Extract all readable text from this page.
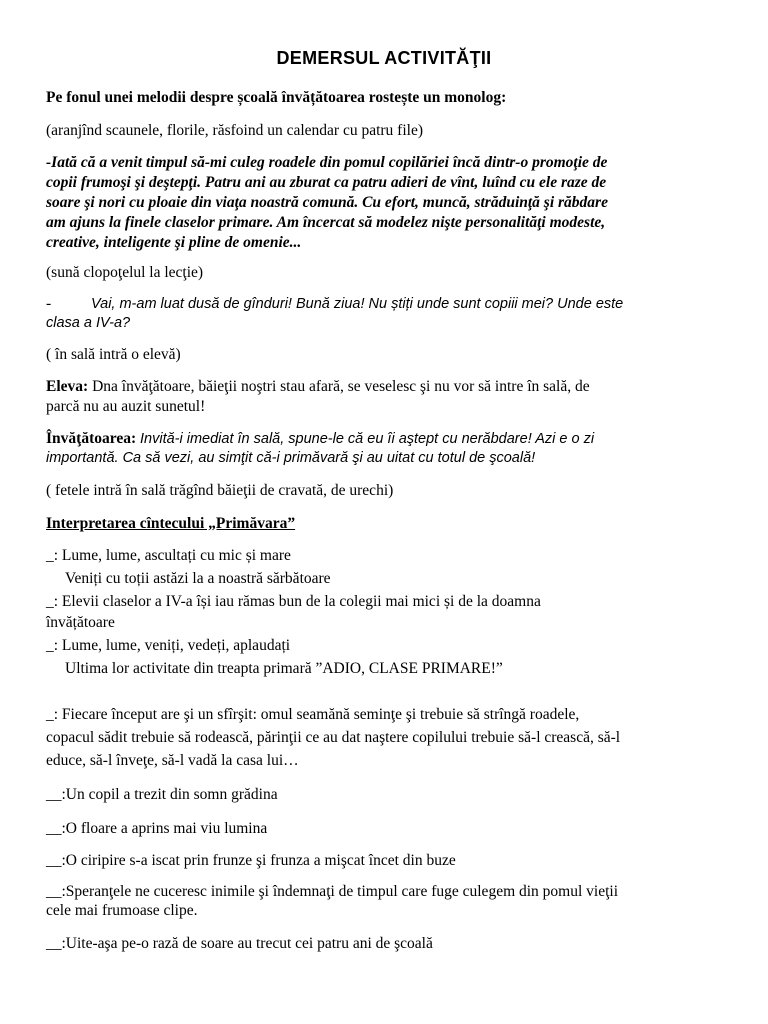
DEMERSUL ACTIVITĂŢII

Pe fonul unei melodii despre școală învățătoarea rostește un monolog:

(aranjînd scaunele, florile, răsfoind un calendar cu patru file)

-Iată că a venit timpul să-mi culeg roadele din pomul copilăriei încă dintr-o promoţie de

copii frumoşi şi deştepţi. Patru ani au zburat ca patru adieri de vînt, luînd cu ele raze de

soare şi nori cu ploaie din viaţa noastră comună. Cu efort, muncă, străduinţă şi răbdare

am ajuns la finele claselor primare. Am încercat să modelez nişte personalităţi modeste,

creative, inteligente şi pline de omenie...

(sună clopoţelul la lecţie)

-	Vai, m-am luat dusă de gînduri! Bună ziua! Nu știți unde sunt copiii mei? Unde este

clasa a IV-a?

( în sală intră o elevă)

Eleva: Dna învăţătoare, băieţii noştri stau afară, se veselesc şi nu vor să intre în sală, de

parcă nu au auzit sunetul!

Învăţătoarea: Invită-i imediat în sală, spune-le că eu îi aştept cu nerăbdare! Azi e o zi

importantă. Ca să vezi, au simţit că-i primăvară şi au uitat cu totul de şcoală!

( fetele intră în sală trăgînd băieţii de cravată, de urechi)

Interpretarea cîntecului „Primăvara”

_: Lume, lume, ascultați cu mic și mare

Veniți cu toții astăzi la a noastră sărbătoare

_: Elevii claselor a IV-a își iau rămas bun de la colegii mai mici și de la doamna

învățătoare

_: Lume, lume, veniți, vedeți, aplaudați

Ultima lor activitate din treapta primară ”ADIO, CLASE PRIMARE!”

_: Fiecare început are şi un sfîrşit: omul seamănă seminţe şi trebuie să strîngă roadele,

copacul sădit trebuie să rodească, părinţii ce au dat naştere copilului trebuie să-l crească, să-l

educe, să-l înveţe, să-l vadă la casa lui…

__:Un copil a trezit din somn grădina

__:O floare a aprins mai viu lumina

__:O ciripire s-a iscat prin frunze şi frunza a mişcat încet din buze

__:Speranţele ne cuceresc inimile şi îndemnaţi de timpul care fuge culegem din pomul vieţii

cele mai frumoase clipe.

__:Uite-aşa pe-o rază de soare au trecut cei patru ani de şcoală
